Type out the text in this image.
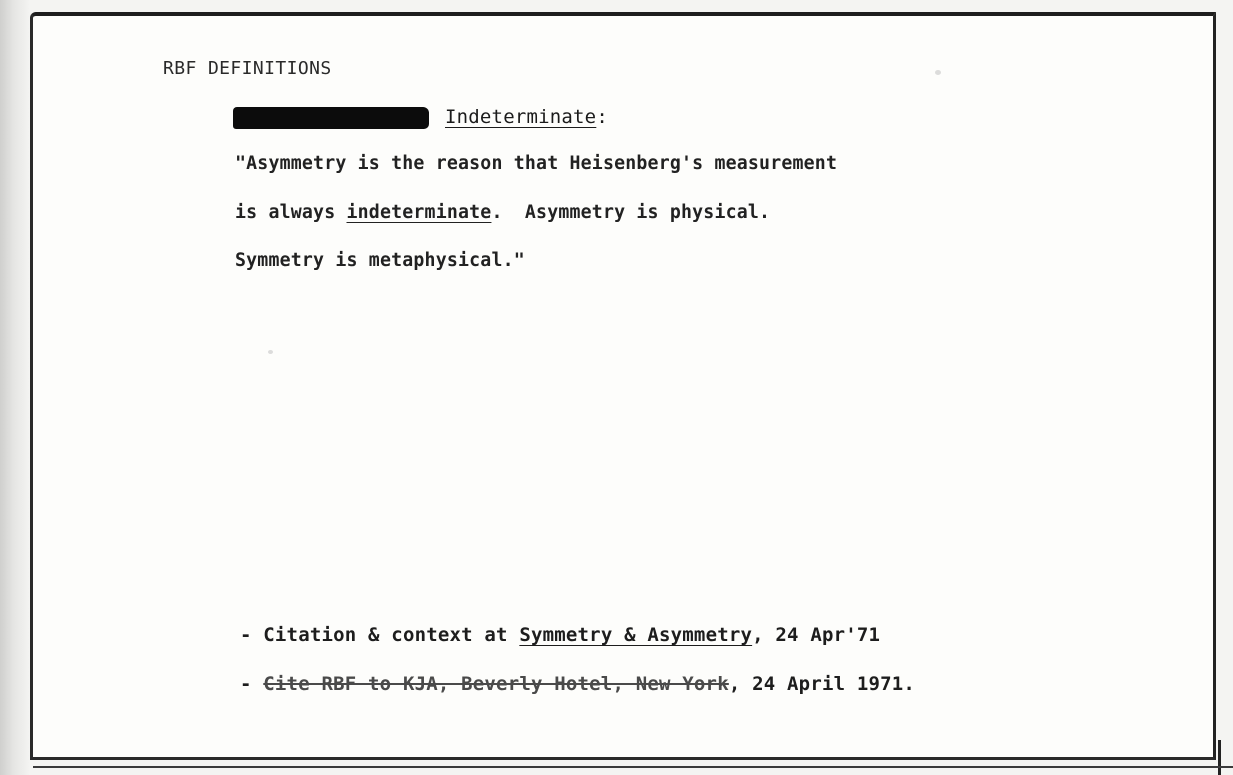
RBF DEFINITIONS
Indeterminate:
"Asymmetry is the reason that Heisenberg's measurement
is always indeterminate.  Asymmetry is physical.
Symmetry is metaphysical."
- Citation & context at Symmetry & Asymmetry, 24 Apr'71
- Cite RBF to KJA, Beverly Hotel, New York, 24 April 1971.
